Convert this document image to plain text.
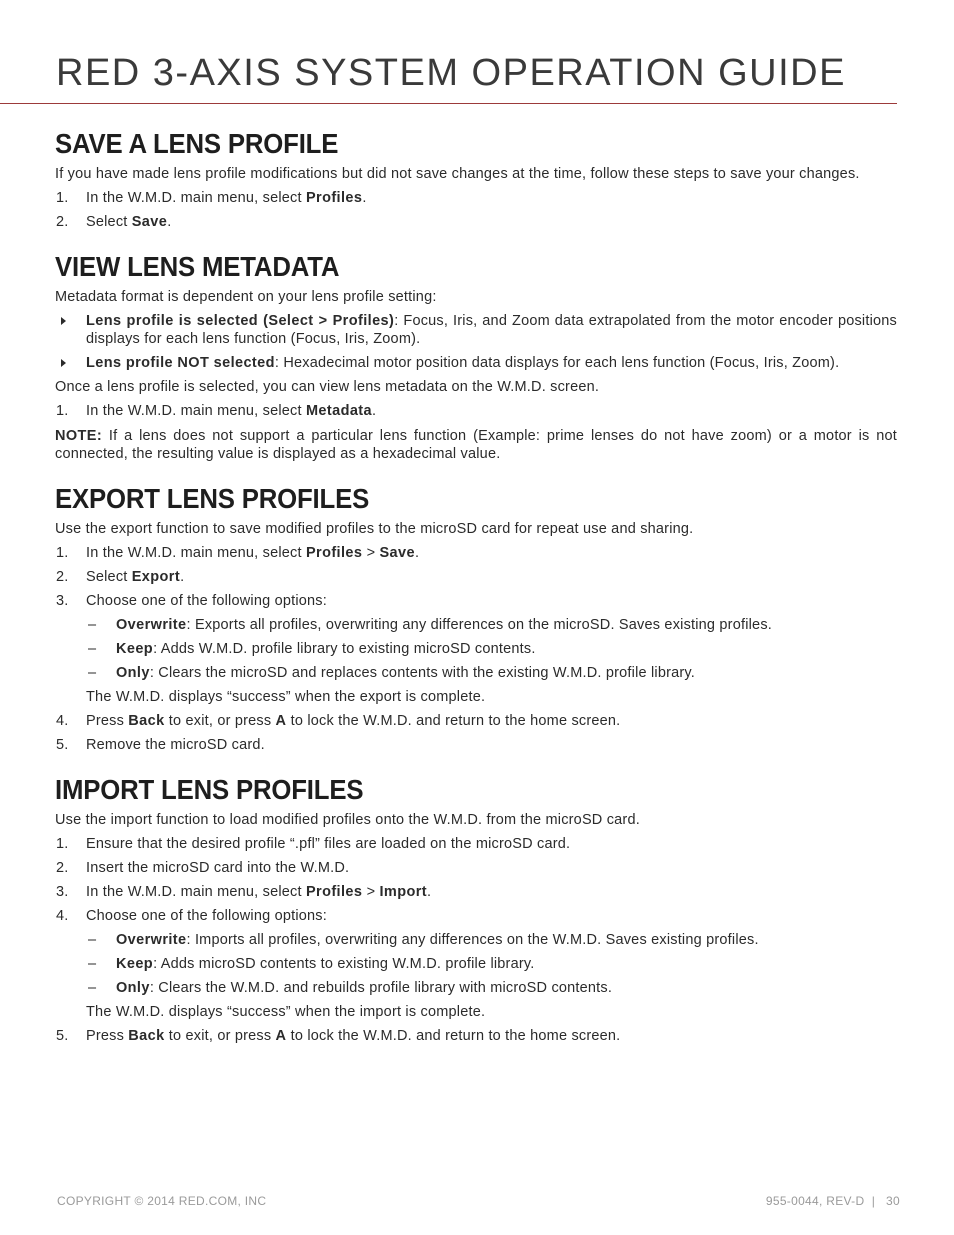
RED 3-AXIS SYSTEM OPERATION GUIDE
SAVE A LENS PROFILE

If you have made lens profile modifications but did not save changes at the time, follow these steps to save your changes.

1. In the W.M.D. main menu, select Profiles.
2. Select Save.
VIEW LENS METADATA

Metadata format is dependent on your lens profile setting:

Lens profile is selected (Select > Profiles): Focus, Iris, and Zoom data extrapolated from the motor encoder positions displays for each lens function (Focus, Iris, Zoom).
Lens profile NOT selected: Hexadecimal motor position data displays for each lens function (Focus, Iris, Zoom).

Once a lens profile is selected, you can view lens metadata on the W.M.D. screen.

1. In the W.M.D. main menu, select Metadata.

NOTE: If a lens does not support a particular lens function (Example: prime lenses do not have zoom) or a motor is not connected, the resulting value is displayed as a hexadecimal value.

EXPORT LENS PROFILES

Use the export function to save modified profiles to the microSD card for repeat use and sharing.

1. In the W.M.D. main menu, select Profiles > Save.
2. Select Export.
3. Choose one of the following options:
– Overwrite: Exports all profiles, overwriting any differences on the microSD. Saves existing profiles.
– Keep: Adds W.M.D. profile library to existing microSD contents.
– Only: Clears the microSD and replaces contents with the existing W.M.D. profile library.

The W.M.D. displays “success” when the export is complete.

4. Press Back to exit, or press A to lock the W.M.D. and return to the home screen.
5. Remove the microSD card.
IMPORT LENS PROFILES

Use the import function to load modified profiles onto the W.M.D. from the microSD card.

1. Ensure that the desired profile “.pfl” files are loaded on the microSD card.
2. Insert the microSD card into the W.M.D.
3. In the W.M.D. main menu, select Profiles > Import.
4. Choose one of the following options:
– Overwrite: Imports all profiles, overwriting any differences on the W.M.D. Saves existing profiles.
– Keep: Adds microSD contents to existing W.M.D. profile library.
– Only: Clears the W.M.D. and rebuilds profile library with microSD contents.

The W.M.D. displays “success” when the import is complete.

5. Press Back to exit, or press A to lock the W.M.D. and return to the home screen.
COPYRIGHT © 2014 RED.COM, INC	955-0044, REV-D | 30
